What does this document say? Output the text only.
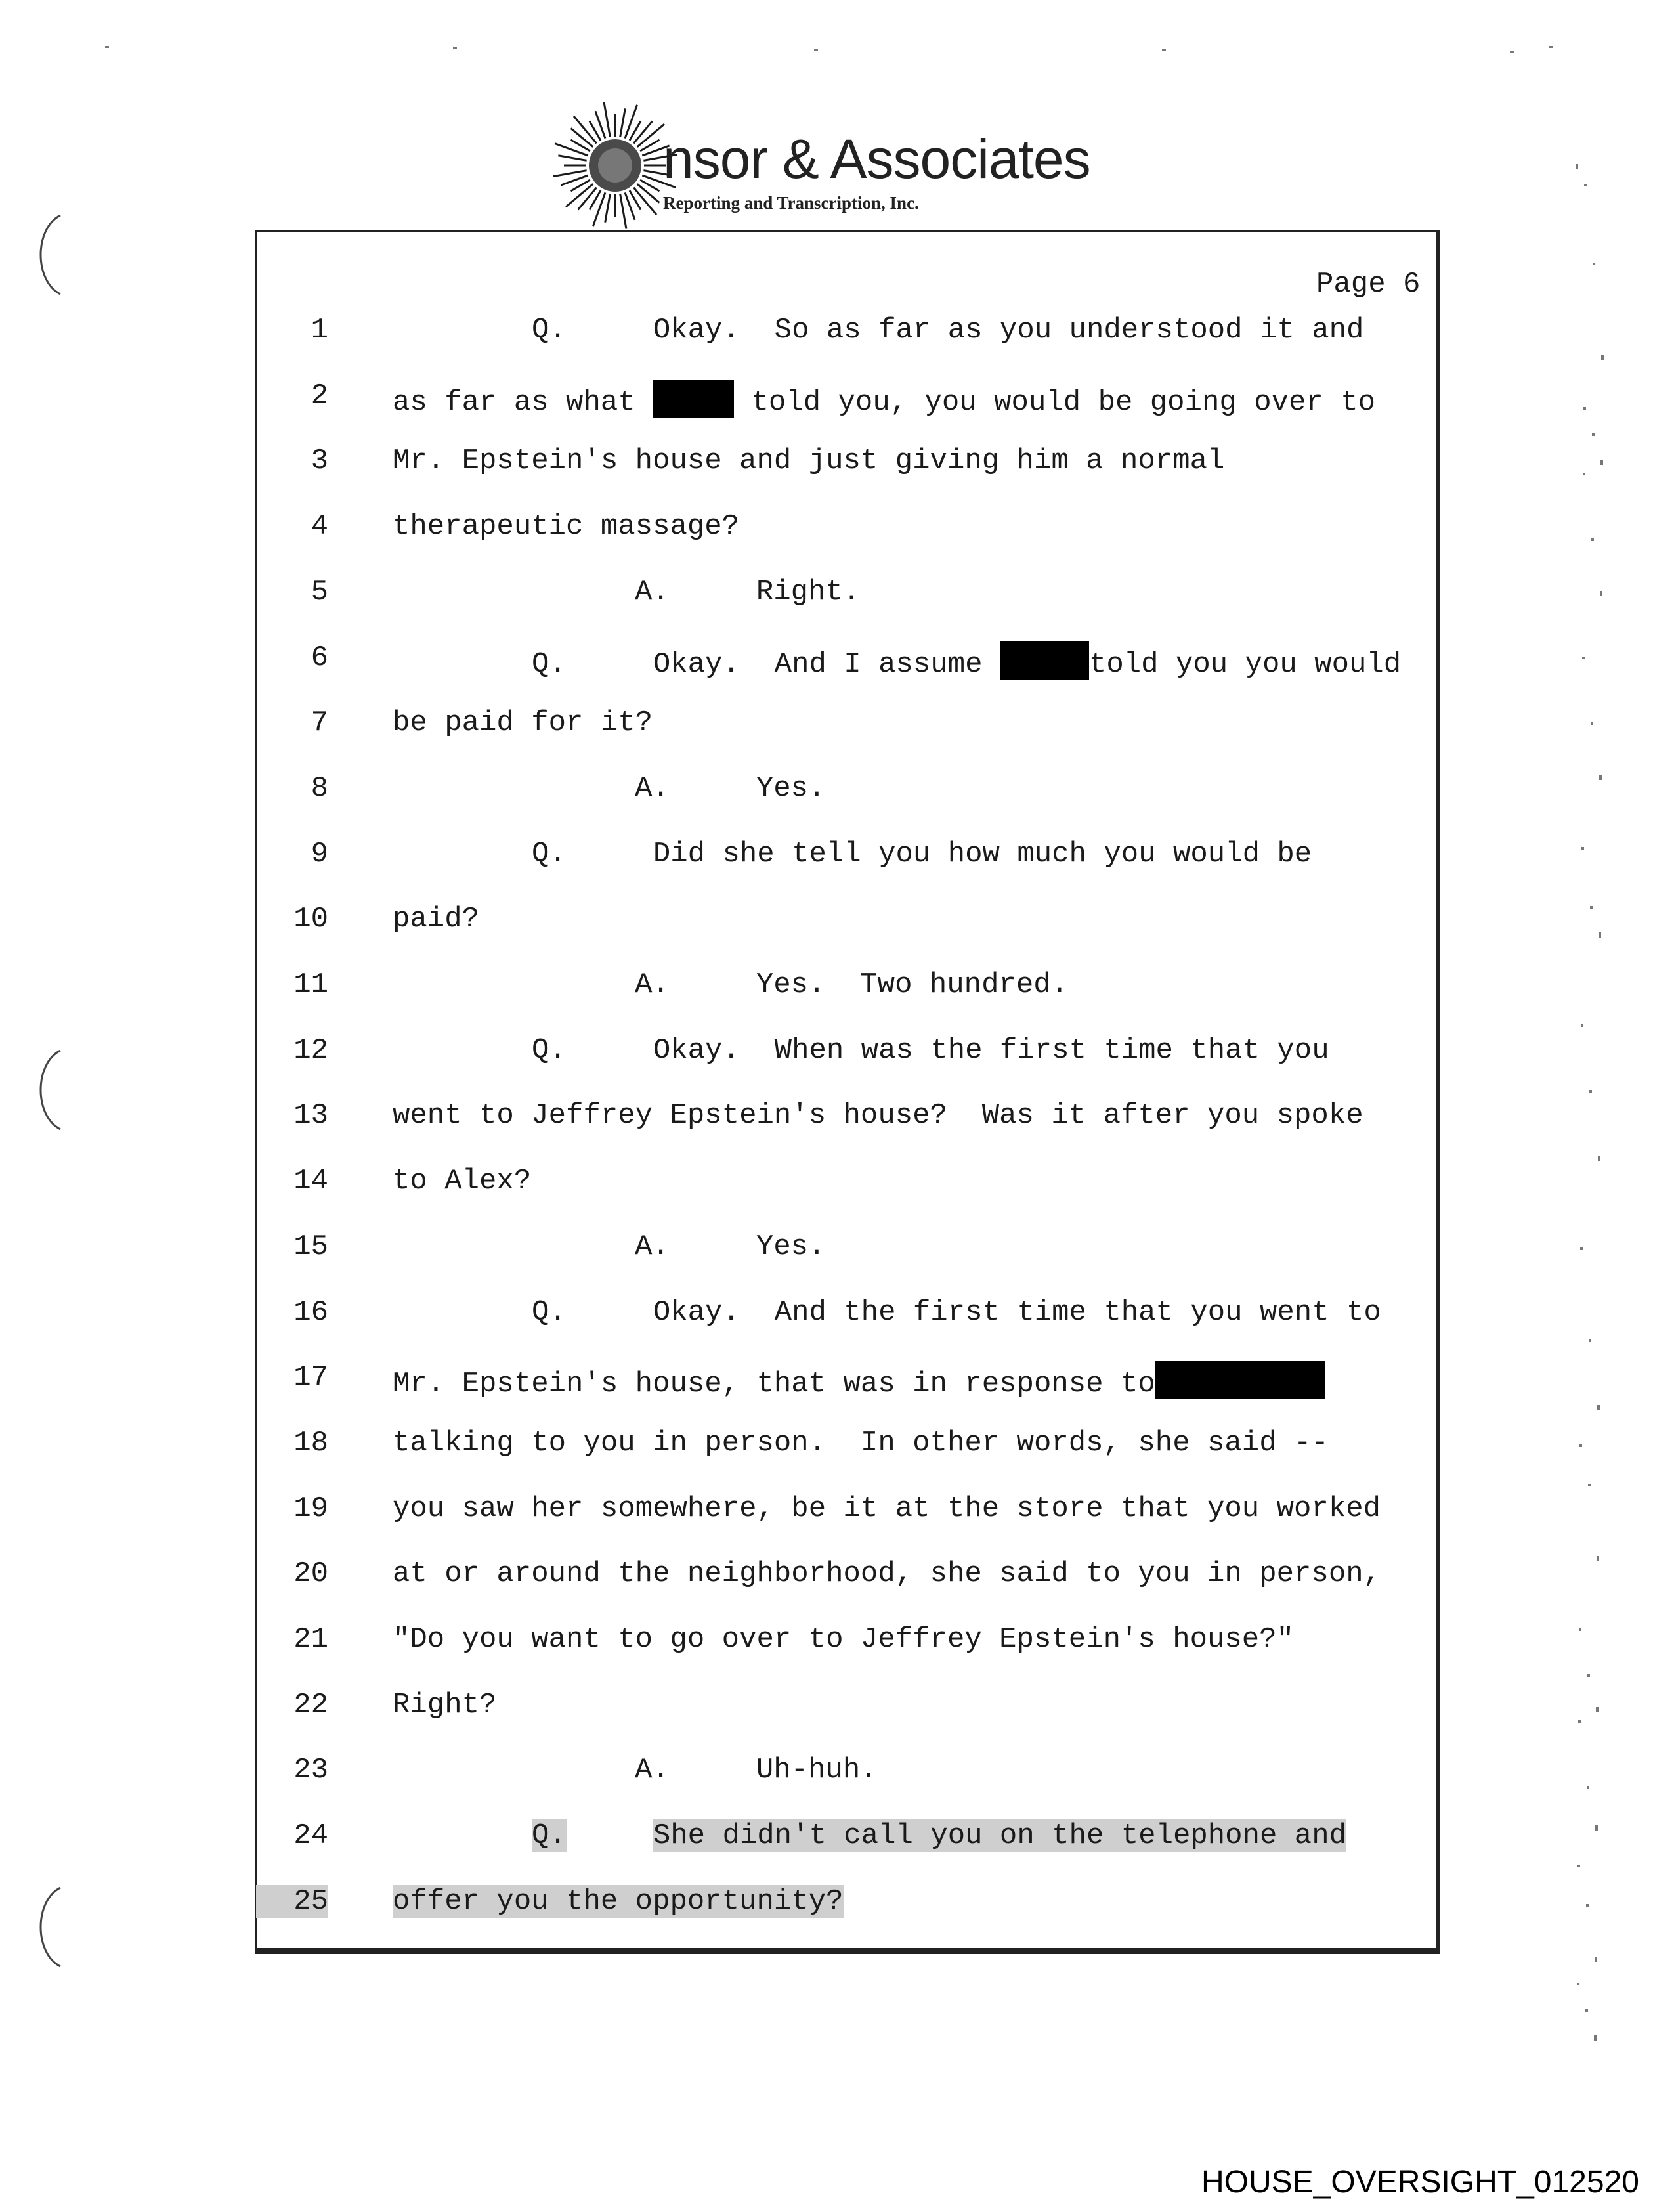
nsor & Associates
Reporting and Transcription, Inc.
Page 6
1	Q.     Okay.  So as far as you understood it and
2 as far as what	told you, you would be going over to
3 Mr. Epstein's house and just giving him a normal
4 therapeutic massage?
5	A.     Right.
6	Q.     Okay.  And I assume	told you you would
7 be paid for it?
8	A.     Yes.
9	Q.     Did she tell you how much you would be
10 paid?
11	A.     Yes.  Two hundred.
12	Q.     Okay.  When was the first time that you
13 went to Jeffrey Epstein's house?  Was it after you spoke
14 to Alex?
15	A.     Yes.
16	Q.     Okay.  And the first time that you went to
17 Mr. Epstein's house, that was in response to
18 talking to you in person.  In other words, she said --
19 you saw her somewhere, be it at the store that you worked
20 at or around the neighborhood, she said to you in person,
21 "Do you want to go over to Jeffrey Epstein's house?"
22 Right?
23	A.     Uh-huh.
24	Q.	She didn't call you on the telephone and
25 offer you the opportunity?
HOUSE_OVERSIGHT_012520
